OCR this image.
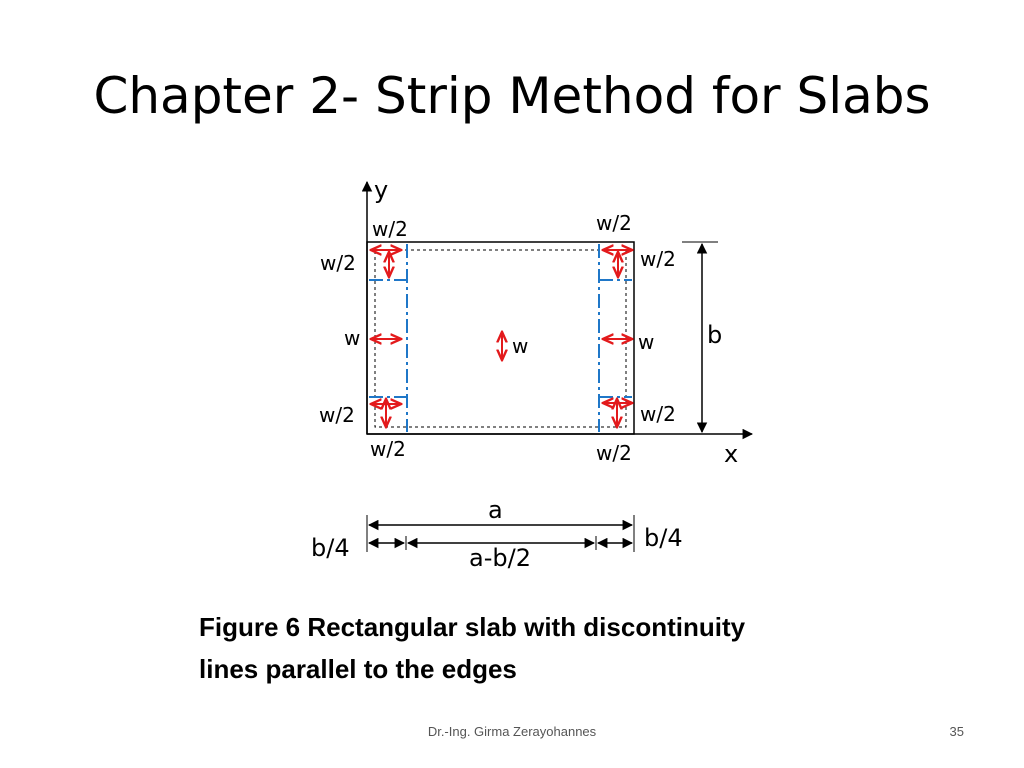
Chapter 2- Strip Method for Slabs
y
x
b
w
w/2	w/2
w/2
w
w/2
w/2
w/2
w
w/2
w/2
a
b/4	b/4
a-b/2
Figure 6 Rectangular slab with discontinuity
lines parallel to the edges
Dr.-Ing. Girma Zerayohannes	35
